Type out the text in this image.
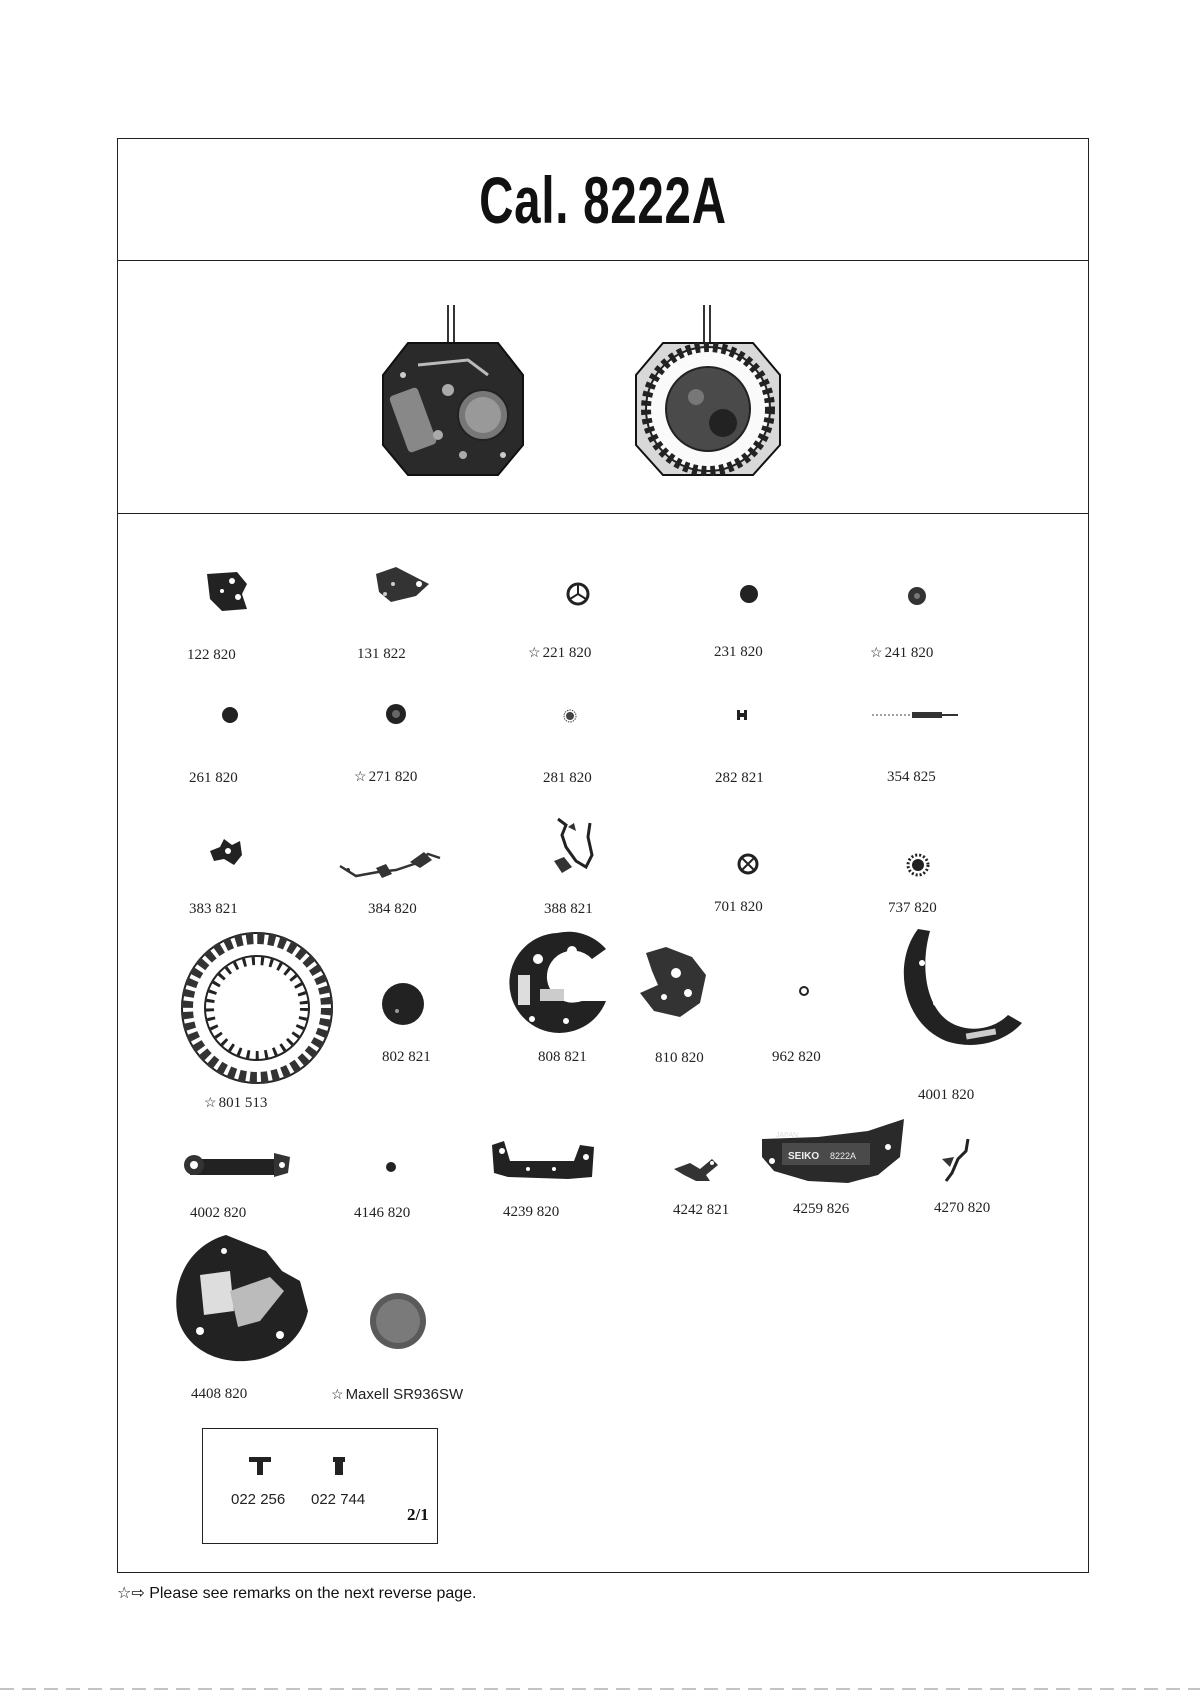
Cal. 8222A
122 820	131 822	☆ 221 820	231 820	☆ 241 820
261 820	☆ 271 820	281 820	282 821	354 825
383 821	384 820	388 821	701 820	737 820
☆ 801 513
802 821	808 821	810 820	962 820
4001 820
JAPAN
SEIKO 8222A
4002 820	4146 820	4239 820	4242 821	4259 826	4270 820
4408 820	☆ Maxell SR936SW
022 256 022 744
2/1
☆⇨ Please see remarks on the next reverse page.
